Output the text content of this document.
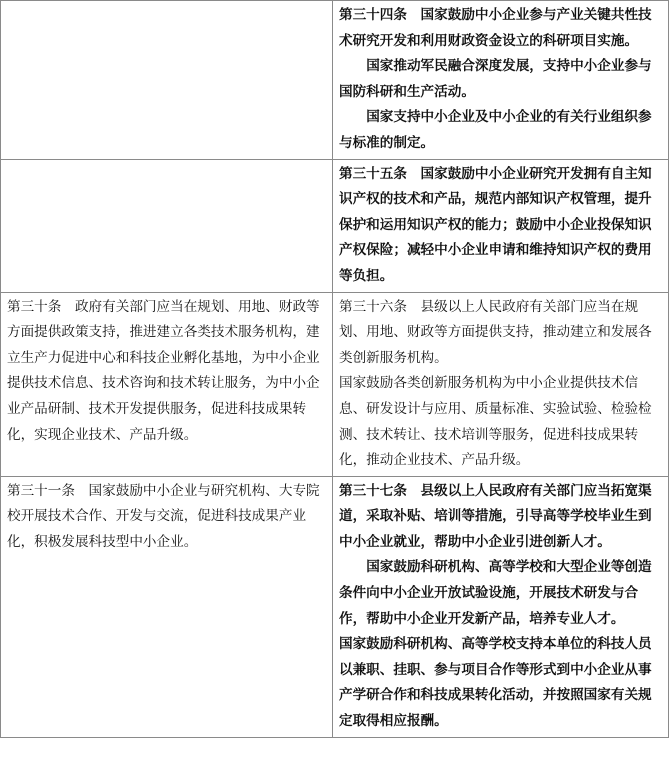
	第三十四条　国家鼓励中小企业参与产业关键共性技术研究开发和利用财政资金设立的科研项目实施。

国家推动军民融合深度发展，支持中小企业参与国防科研和生产活动。

国家支持中小企业及中小企业的有关行业组织参与标准的制定。

	第三十五条　国家鼓励中小企业研究开发拥有自主知识产权的技术和产品，规范内部知识产权管理，提升保护和运用知识产权的能力；鼓励中小企业投保知识产权保险；减轻中小企业申请和维持知识产权的费用等负担。

第三十条　政府有关部门应当在规划、用地、财政等方面提供政策支持，推进建立各类技术服务机构，建立生产力促进中心和科技企业孵化基地，为中小企业提供技术信息、技术咨询和技术转让服务，为中小企业产品研制、技术开发提供服务，促进科技成果转化，实现企业技术、产品升级。	第三十六条　县级以上人民政府有关部门应当在规划、用地、财政等方面提供支持，推动建立和发展各类创新服务机构。

国家鼓励各类创新服务机构为中小企业提供技术信息、研发设计与应用、质量标准、实验试验、检验检测、技术转让、技术培训等服务，促进科技成果转化，推动企业技术、产品升级。

第三十一条　国家鼓励中小企业与研究机构、大专院校开展技术合作、开发与交流，促进科技成果产业化，积极发展科技型中小企业。	第三十七条　县级以上人民政府有关部门应当拓宽渠道，采取补贴、培训等措施，引导高等学校毕业生到中小企业就业，帮助中小企业引进创新人才。

国家鼓励科研机构、高等学校和大型企业等创造条件向中小企业开放试验设施，开展技术研发与合作，帮助中小企业开发新产品，培养专业人才。

国家鼓励科研机构、高等学校支持本单位的科技人员以兼职、挂职、参与项目合作等形式到中小企业从事产学研合作和科技成果转化活动，并按照国家有关规定取得相应报酬。
